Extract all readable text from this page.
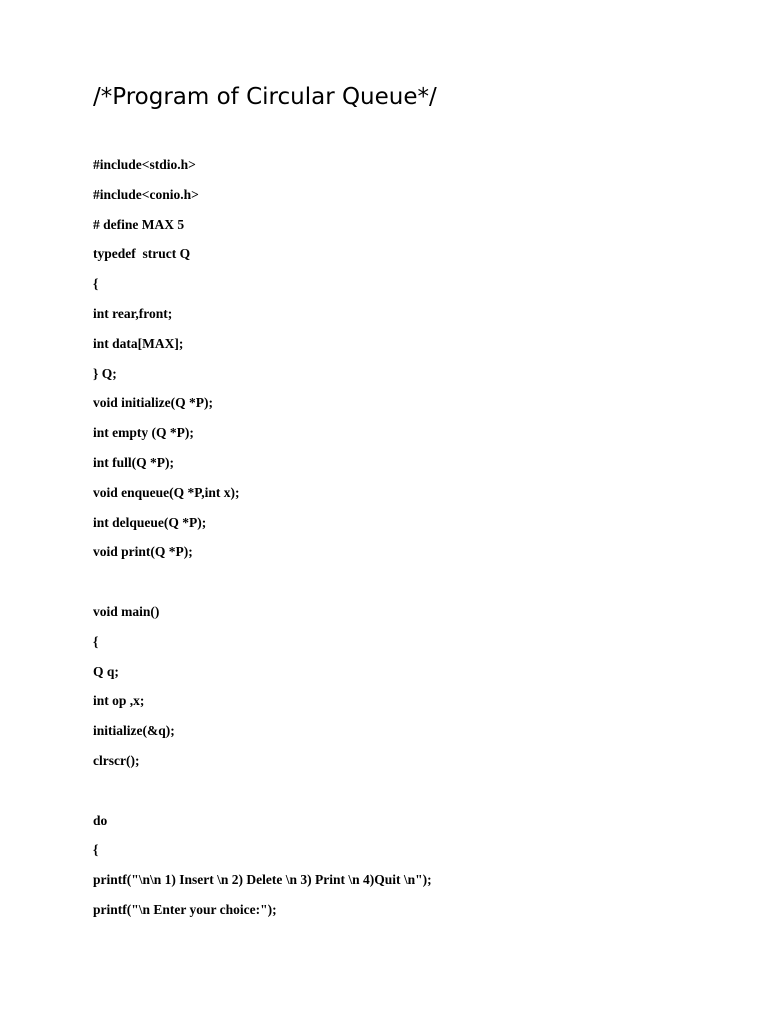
/*Program of Circular Queue*/
#include<stdio.h>
#include<conio.h>
# define MAX 5
typedef  struct Q
{
int rear,front;
int data[MAX];
} Q;
void initialize(Q *P);
int empty (Q *P);
int full(Q *P);
void enqueue(Q *P,int x);
int delqueue(Q *P);
void print(Q *P);
void main()
{
Q q;
int op ,x;
initialize(&q);
clrscr();
do
{
printf("\n\n 1) Insert \n 2) Delete \n 3) Print \n 4)Quit \n");
printf("\n Enter your choice:");
